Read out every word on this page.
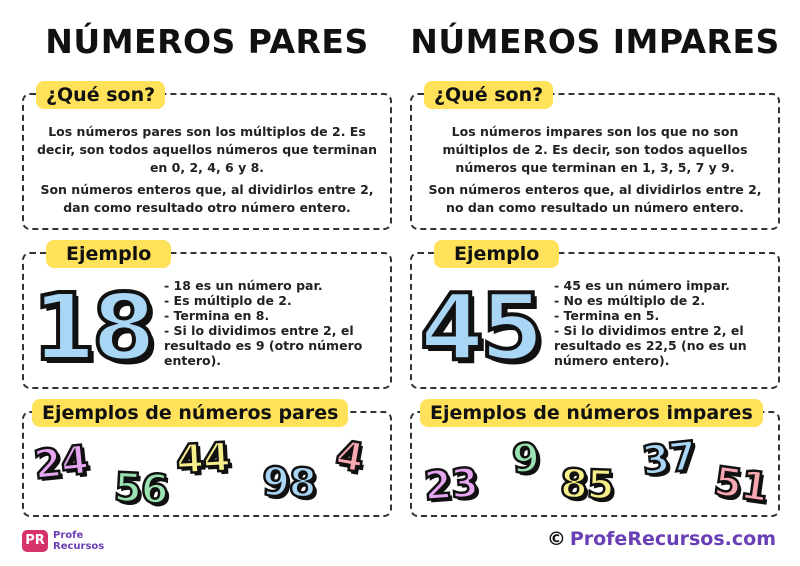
NÚMEROS PARES
¿Qué son?
Los números pares son los múltiplos de 2. Es decir, son todos aquellos números que terminan en 0, 2, 4, 6 y 8.
Son números enteros que, al dividirlos entre 2, dan como resultado otro número entero.
Ejemplo
18 - 18 es un número par.
- Es múltiplo de 2.
- Termina en 8.
- Si lo dividimos entre 2, el resultado es 9 (otro número entero).
Ejemplos de números pares
24
56
44 98
4
NÚMEROS IMPARES
¿Qué son?
Los números impares son los que no son múltiplos de 2. Es decir, son todos aquellos números que terminan en 1, 3, 5, 7 y 9.
Son números enteros que, al dividirlos entre 2, no dan como resultado un número entero.
Ejemplo
45 - 45 es un número impar.
- No es múltiplo de 2.
- Termina en 5.
- Si lo dividimos entre 2, el resultado es 22,5 (no es un número entero).
Ejemplos de números impares
23
9
85
37 51
PR Profe
Recursos	© ProfeRecursos.com
